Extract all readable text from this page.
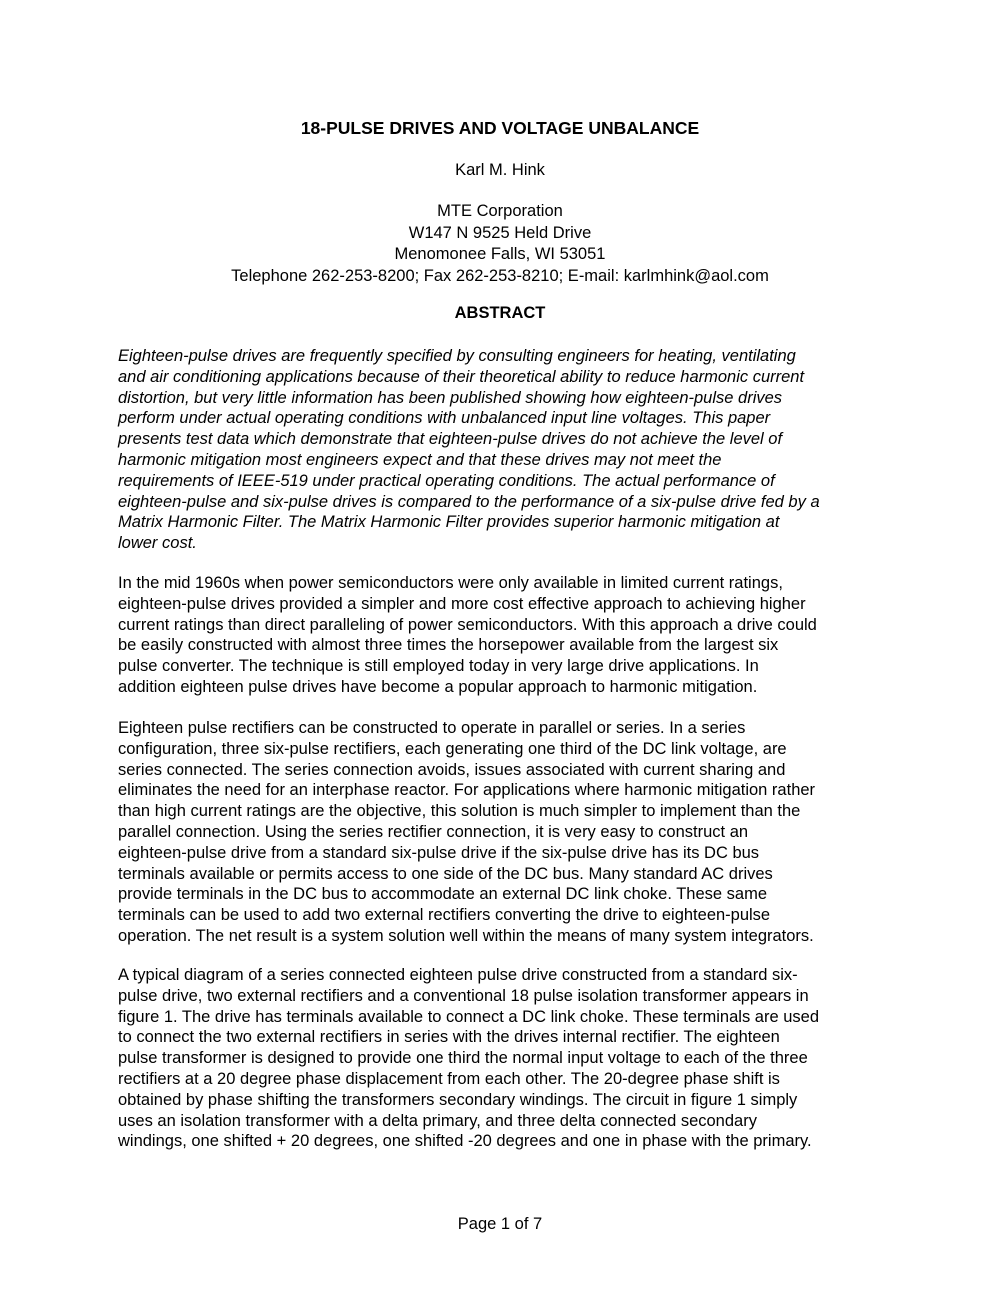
18-PULSE DRIVES AND VOLTAGE UNBALANCE
Karl M. Hink
MTE Corporation
W147 N 9525 Held Drive
Menomonee Falls, WI 53051
Telephone 262-253-8200; Fax 262-253-8210; E-mail: karlmhink@aol.com
ABSTRACT
Eighteen-pulse drives are frequently specified by consulting engineers for heating, ventilating
and air conditioning applications because of their theoretical ability to reduce harmonic current
distortion, but very little information has been published showing how eighteen-pulse drives
perform under actual operating conditions with unbalanced input line voltages. This paper
presents test data which demonstrate that eighteen-pulse drives do not achieve the level of
harmonic mitigation most engineers expect and that these drives may not meet the
requirements of IEEE-519 under practical operating conditions. The actual performance of
eighteen-pulse and six-pulse drives is compared to the performance of a six-pulse drive fed by a
Matrix Harmonic Filter. The Matrix Harmonic Filter provides superior harmonic mitigation at
lower cost.
In the mid 1960s when power semiconductors were only available in limited current ratings,
eighteen-pulse drives provided a simpler and more cost effective approach to achieving higher
current ratings than direct paralleling of power semiconductors. With this approach a drive could
be easily constructed with almost three times the horsepower available from the largest six
pulse converter. The technique is still employed today in very large drive applications. In
addition eighteen pulse drives have become a popular approach to harmonic mitigation.
Eighteen pulse rectifiers can be constructed to operate in parallel or series. In a series
configuration, three six-pulse rectifiers, each generating one third of the DC link voltage, are
series connected. The series connection avoids, issues associated with current sharing and
eliminates the need for an interphase reactor. For applications where harmonic mitigation rather
than high current ratings are the objective, this solution is much simpler to implement than the
parallel connection. Using the series rectifier connection, it is very easy to construct an
eighteen-pulse drive from a standard six-pulse drive if the six-pulse drive has its DC bus
terminals available or permits access to one side of the DC bus. Many standard AC drives
provide terminals in the DC bus to accommodate an external DC link choke. These same
terminals can be used to add two external rectifiers converting the drive to eighteen-pulse
operation. The net result is a system solution well within the means of many system integrators.
A typical diagram of a series connected eighteen pulse drive constructed from a standard six-
pulse drive, two external rectifiers and a conventional 18 pulse isolation transformer appears in
figure 1. The drive has terminals available to connect a DC link choke. These terminals are used
to connect the two external rectifiers in series with the drives internal rectifier. The eighteen
pulse transformer is designed to provide one third the normal input voltage to each of the three
rectifiers at a 20 degree phase displacement from each other. The 20-degree phase shift is
obtained by phase shifting the transformers secondary windings. The circuit in figure 1 simply
uses an isolation transformer with a delta primary, and three delta connected secondary
windings, one shifted + 20 degrees, one shifted -20 degrees and one in phase with the primary.
Page 1 of 7
